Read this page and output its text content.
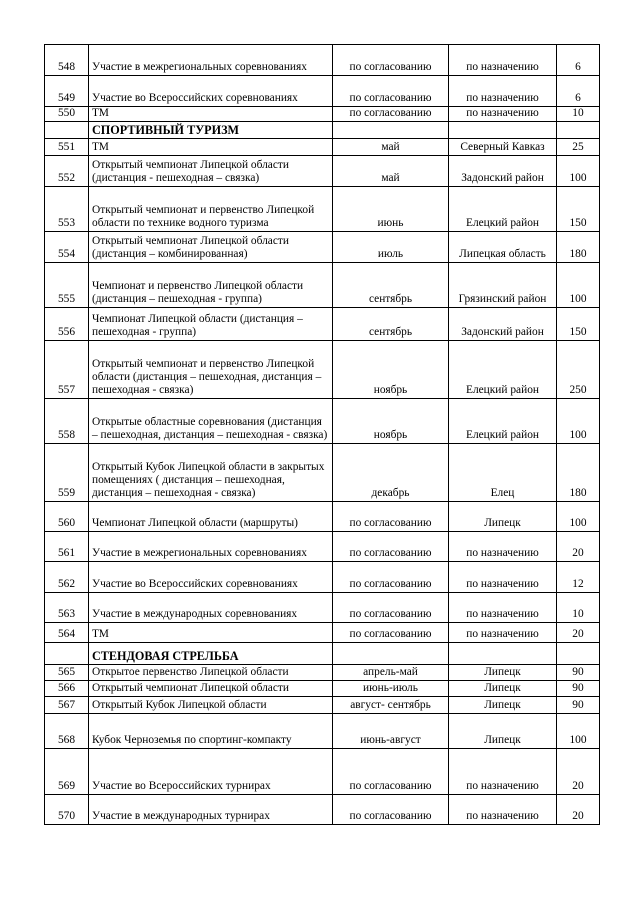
548	Участие в межрегиональных соревнованиях	по согласованию	по назначению	6
549	Участие во Всероссийских соревнованиях	по согласованию	по назначению	6
550	ТМ	по согласованию	по назначению	10
	СПОРТИВНЫЙ ТУРИЗМ			
551	ТМ	май	Северный Кавказ	25
552	Открытый чемпионат Липецкой области (дистанция - пешеходная – связка)	май	Задонский район	100
553	Открытый чемпионат и первенство Липецкой области по технике водного туризма	июнь	Елецкий район	150
554	Открытый чемпионат Липецкой области (дистанция – комбинированная)	июль	Липецкая область	180
555	Чемпионат и первенство Липецкой области (дистанция – пешеходная - группа)	сентябрь	Грязинский район	100
556	Чемпионат Липецкой области (дистанция – пешеходная - группа)	сентябрь	Задонский район	150
557	Открытый чемпионат и первенство Липецкой области (дистанция – пешеходная, дистанция – пешеходная - связка)	ноябрь	Елецкий район	250
558	Открытые областные соревнования (дистанция – пешеходная, дистанция – пешеходная - связка)	ноябрь	Елецкий район	100
559	Открытый Кубок Липецкой области в закрытых помещениях ( дистанция – пешеходная, дистанция – пешеходная - связка)	декабрь	Елец	180
560	Чемпионат Липецкой области (маршруты)	по согласованию	Липецк	100
561	Участие в межрегиональных соревнованиях	по согласованию	по назначению	20
562	Участие во Всероссийских соревнованиях	по согласованию	по назначению	12
563	Участие в международных соревнованиях	по согласованию	по назначению	10
564	ТМ	по согласованию	по назначению	20
	СТЕНДОВАЯ СТРЕЛЬБА			
565	Открытое первенство Липецкой области	апрель-май	Липецк	90
566	Открытый чемпионат Липецкой области	июнь-июль	Липецк	90
567	Открытый Кубок Липецкой области	август- сентябрь	Липецк	90
568	Кубок Черноземья по спортинг-компакту	июнь-август	Липецк	100
569	Участие во Всероссийских турнирах	по согласованию	по назначению	20
570	Участие в международных турнирах	по согласованию	по назначению	20
